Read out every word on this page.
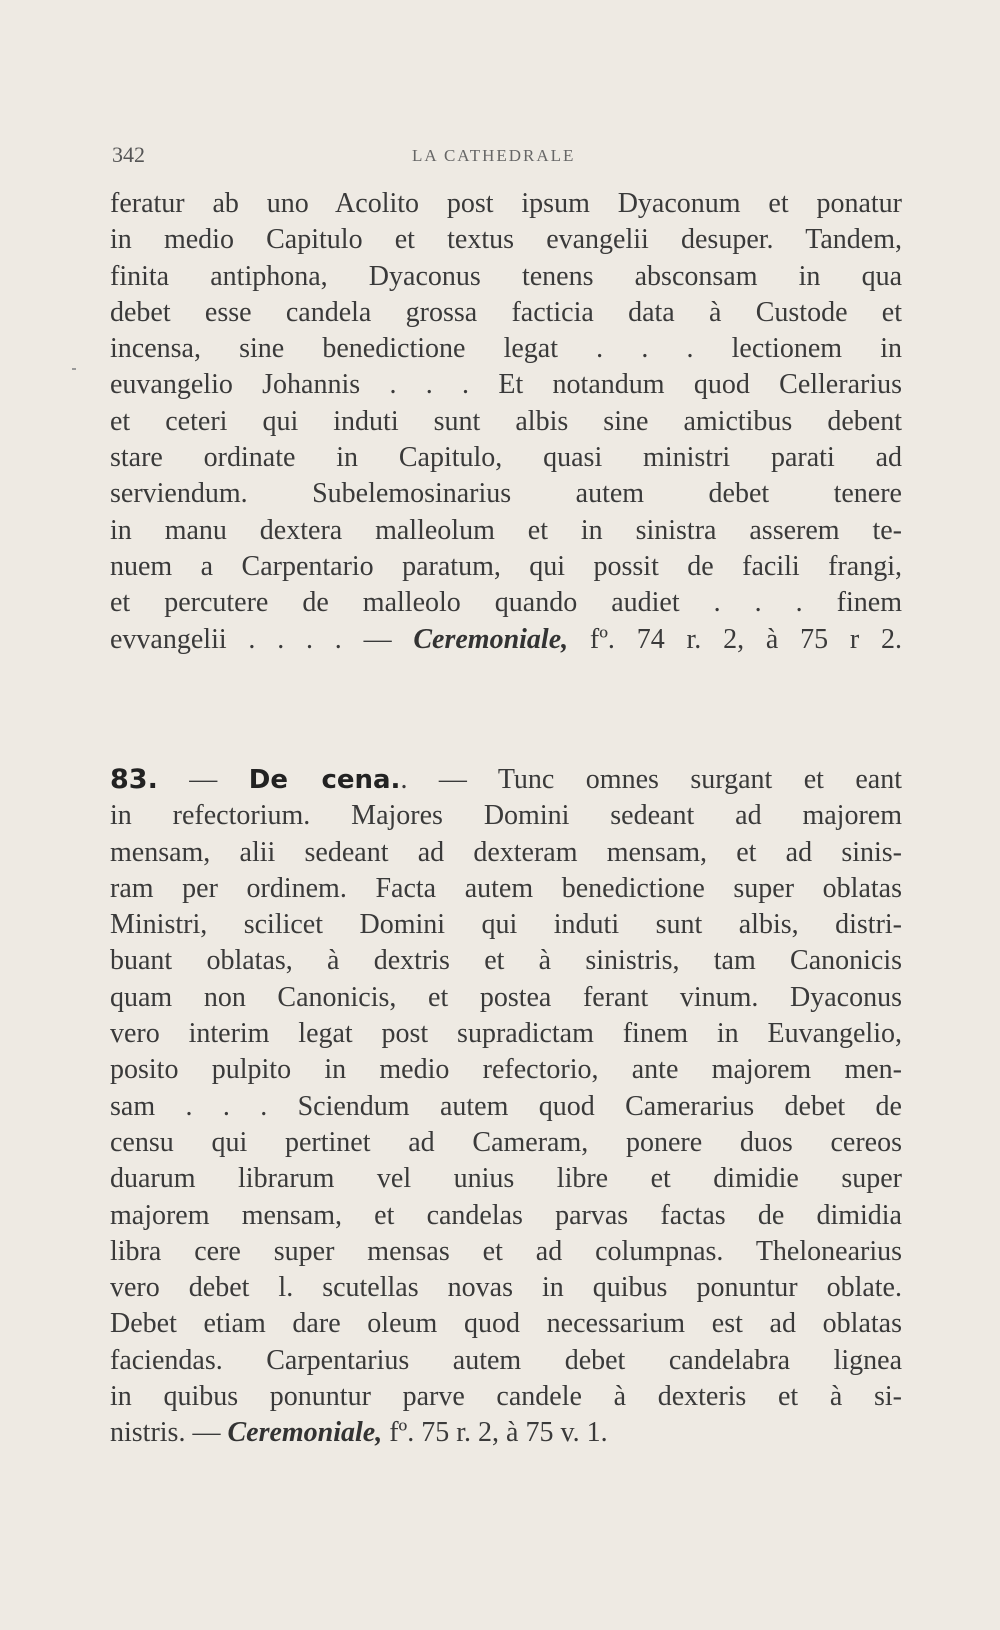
342	LA CATHEDRALE
feratur ab uno Acolito post ipsum Dyaconum et ponatur
in medio Capitulo et textus evangelii desuper. Tandem,
finita antiphona, Dyaconus tenens absconsam in qua
debet esse candela grossa facticia data à Custode et
incensa, sine benedictione legat . . . lectionem in
euvangelio Johannis . . . Et notandum quod Cellerarius
et ceteri qui induti sunt albis sine amictibus debent
stare ordinate in Capitulo, quasi ministri parati ad
serviendum. Subelemosinarius autem debet tenere
in manu dextera malleolum et in sinistra asserem te-
nuem a Carpentario paratum, qui possit de facili frangi,
et percutere de malleolo quando audiet . . . finem
evvangelii . . . . — Ceremoniale, fº. 74 r. 2, à 75 r 2.
83. — De cena.. — Tunc omnes surgant et eant
in refectorium. Majores Domini sedeant ad majorem
mensam, alii sedeant ad dexteram mensam, et ad sinis-
ram per ordinem. Facta autem benedictione super oblatas
Ministri, scilicet Domini qui induti sunt albis, distri-
buant oblatas, à dextris et à sinistris, tam Canonicis
quam non Canonicis, et postea ferant vinum. Dyaconus
vero interim legat post supradictam finem in Euvangelio,
posito pulpito in medio refectorio, ante majorem men-
sam . . . Sciendum autem quod Camerarius debet de
censu qui pertinet ad Cameram, ponere duos cereos
duarum librarum vel unius libre et dimidie super
majorem mensam, et candelas parvas factas de dimidia
libra cere super mensas et ad columpnas. Thelonearius
vero debet l. scutellas novas in quibus ponuntur oblate.
Debet etiam dare oleum quod necessarium est ad oblatas
faciendas. Carpentarius autem debet candelabra lignea
in quibus ponuntur parve candele à dexteris et à si-
nistris. — Ceremoniale, fº. 75 r. 2, à 75 v. 1.
